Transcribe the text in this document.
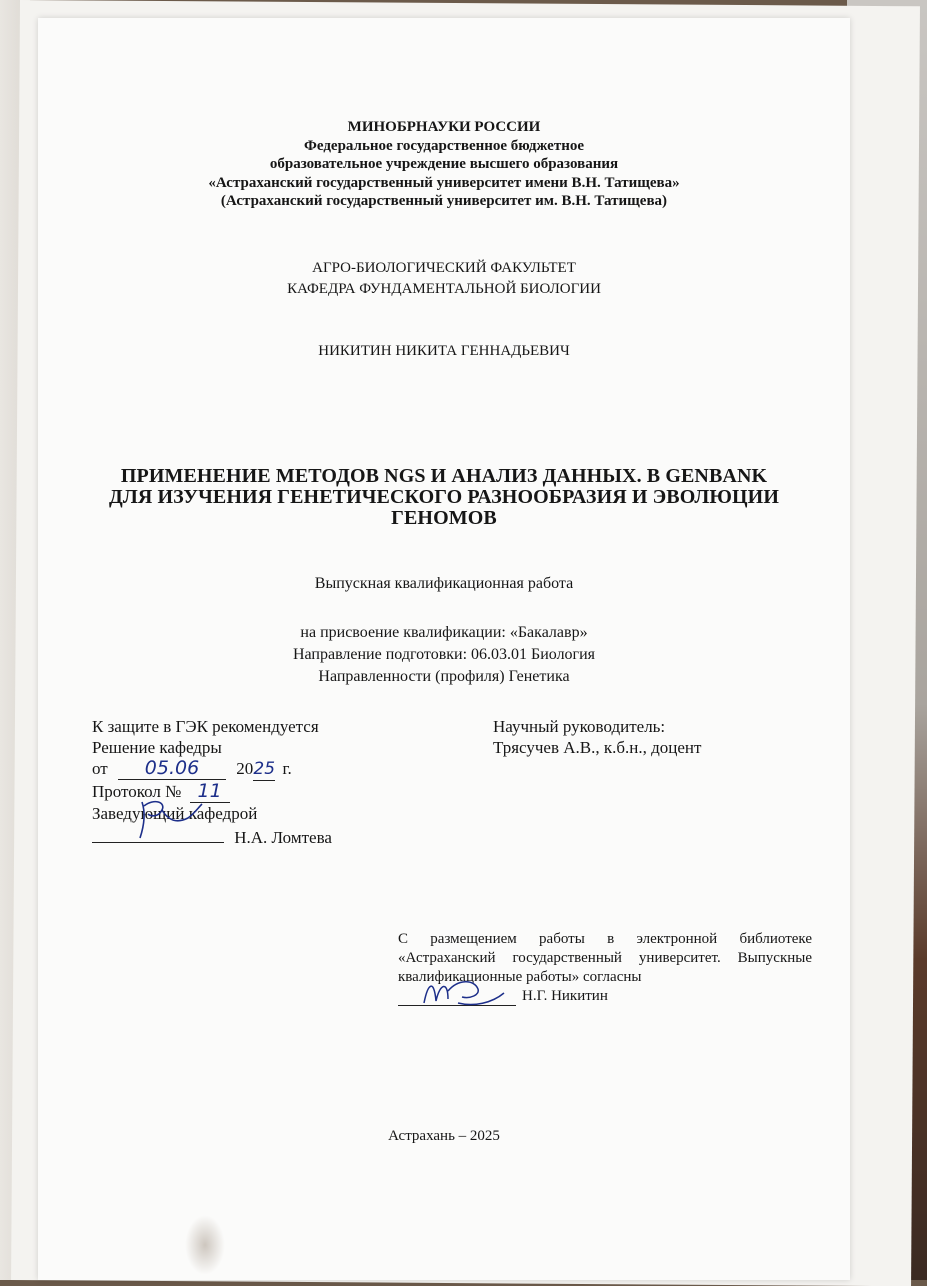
МИНОБРНАУКИ РОССИИ
Федеральное государственное бюджетное
образовательное учреждение высшего образования
«Астраханский государственный университет имени В.Н. Татищева»
(Астраханский государственный университет им. В.Н. Татищева)
АГРО-БИОЛОГИЧЕСКИЙ ФАКУЛЬТЕТ
КАФЕДРА ФУНДАМЕНТАЛЬНОЙ БИОЛОГИИ
НИКИТИН НИКИТА ГЕННАДЬЕВИЧ
ПРИМЕНЕНИЕ МЕТОДОВ NGS И АНАЛИЗ ДАННЫХ. В GENBANK
ДЛЯ ИЗУЧЕНИЯ ГЕНЕТИЧЕСКОГО РАЗНООБРАЗИЯ И ЭВОЛЮЦИИ
ГЕНОМОВ
Выпускная квалификационная работа
на присвоение квалификации: «Бакалавр»
Направление подготовки: 06.03.01 Биология
Направленности (профиля) Генетика
К защите в ГЭК рекомендуется
Решение кафедры
от 05.06 2025 г.
Протокол № 11
Заведующий кафедрой
Н.А. Ломтева
Научный руководитель:
Трясучев А.В., к.б.н., доцент
С размещением работы в электронной библиотеке «Астраханский государственный университет. Выпускные квалификационные работы» согласны
Н.Г. Никитин
Астрахань – 2025
